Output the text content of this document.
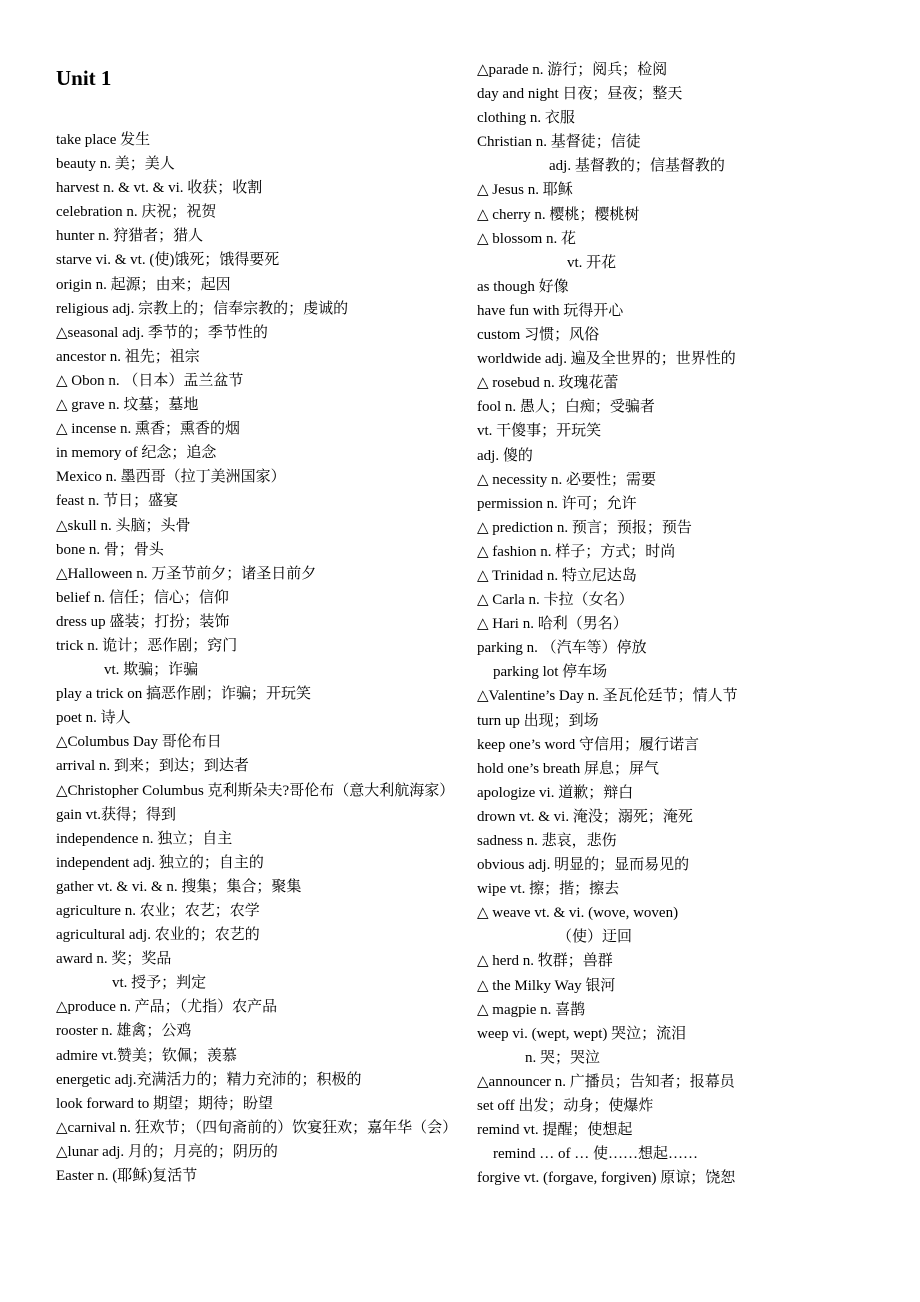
Unit 1
take place 发生
beauty n. 美；美人
harvest n. & vt. & vi. 收获；收割
celebration n. 庆祝；祝贺
hunter n. 狩猎者；猎人
starve vi. & vt. (使)饿死；饿得要死
origin n. 起源；由来；起因
religious adj. 宗教上的；信奉宗教的；虔诚的
△seasonal adj. 季节的；季节性的
ancestor n. 祖先；祖宗
△ Obon n. （日本）盂兰盆节
△ grave n. 坟墓；墓地
△ incense n. 熏香；熏香的烟
in memory of 纪念；追念
Mexico n. 墨西哥（拉丁美洲国家）
feast n. 节日；盛宴
△skull n. 头脑；头骨
bone n. 骨；骨头
△Halloween n. 万圣节前夕；诸圣日前夕
belief n. 信任；信心；信仰
dress up 盛装；打扮；装饰
trick n. 诡计；恶作剧；窍门
vt. 欺骗；诈骗
play a trick on 搞恶作剧；诈骗；开玩笑
poet n. 诗人
△Columbus Day 哥伦布日
arrival n. 到来；到达；到达者
△Christopher Columbus 克利斯朵夫?哥伦布（意大利航海家）
gain vt.获得；得到
independence n. 独立；自主
independent adj. 独立的；自主的
gather vt. & vi. & n. 搜集；集合；聚集
agriculture n. 农业；农艺；农学
agricultural adj. 农业的；农艺的
award n. 奖；奖品
vt. 授予；判定
△produce n. 产品；（尤指）农产品
rooster n. 雄禽；公鸡
admire vt.赞美；钦佩；羡慕
energetic adj.充满活力的；精力充沛的；积极的
look forward to 期望；期待；盼望
△carnival n. 狂欢节；（四旬斋前的）饮宴狂欢；嘉年华（会）
△lunar adj. 月的；月亮的；阴历的
Easter n. (耶稣)复活节
△parade n. 游行；阅兵；检阅
day and night 日夜；昼夜；整天
clothing n. 衣服
Christian n. 基督徒；信徒
adj. 基督教的；信基督教的
△ Jesus n. 耶稣
△ cherry n. 樱桃；樱桃树
△ blossom n. 花
vt. 开花
as though 好像
have fun with 玩得开心
custom 习惯；风俗
worldwide adj. 遍及全世界的；世界性的
△ rosebud n. 玫瑰花蕾
fool n. 愚人；白痴；受骗者
vt. 干傻事；开玩笑
adj. 傻的
△ necessity n. 必要性；需要
permission n. 许可；允许
△ prediction n. 预言；预报；预告
△ fashion n. 样子；方式；时尚
△ Trinidad n. 特立尼达岛
△ Carla n. 卡拉（女名）
△ Hari n. 哈利（男名）
parking n. （汽车等）停放
parking lot 停车场
△Valentine’s Day n. 圣瓦伦廷节；情人节
turn up 出现；到场
keep one’s word 守信用；履行诺言
hold one’s breath 屏息；屏气
apologize vi. 道歉；辩白
drown vt. & vi. 淹没；溺死；淹死
sadness n. 悲哀，悲伤
obvious adj. 明显的；显而易见的
wipe vt. 擦；揩；擦去
△ weave vt. & vi. (wove, woven)
（使）迂回
△ herd n. 牧群；兽群
△ the Milky Way 银河
△ magpie n. 喜鹊
weep vi. (wept, wept) 哭泣；流泪
n. 哭；哭泣
△announcer n. 广播员；告知者；报幕员
set off 出发；动身；使爆炸
remind vt. 提醒；使想起
remind … of … 使……想起……
forgive vt. (forgave, forgiven) 原谅；饶恕
